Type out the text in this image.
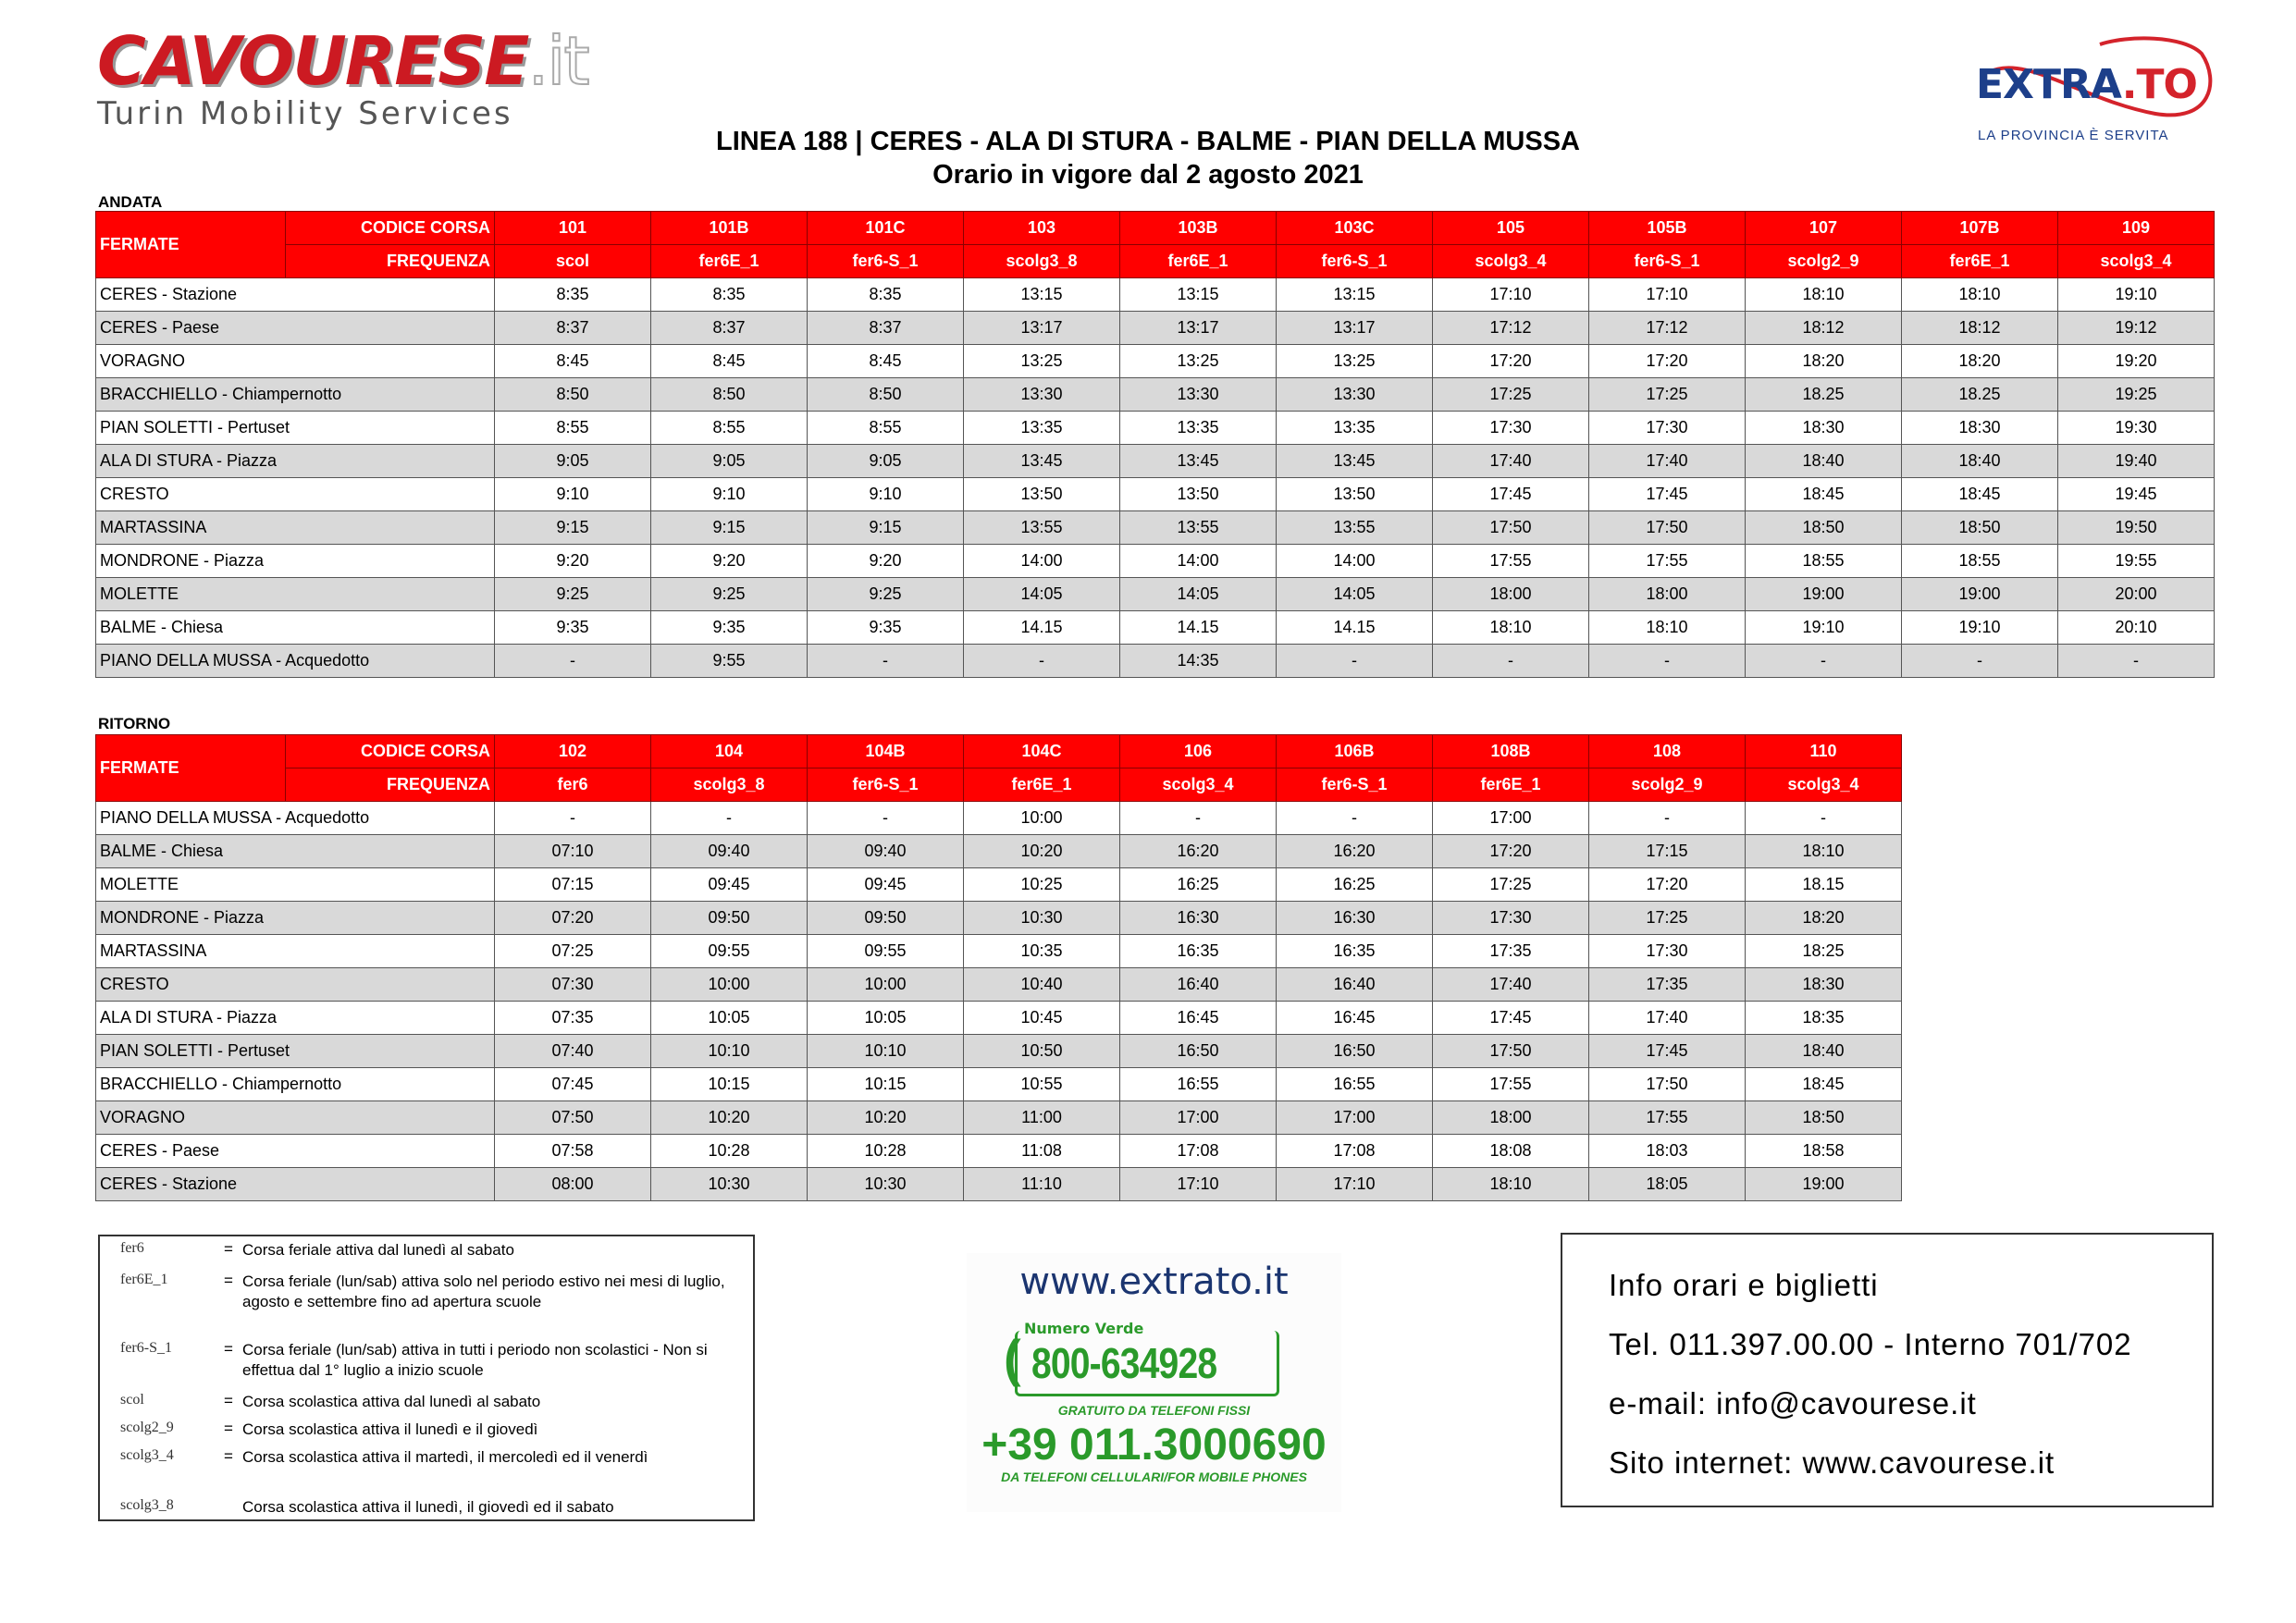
CAVOURESE.it
Turin Mobility Services
EXTRA.TO
LA PROVINCIA È SERVITA
LINEA 188 | CERES - ALA DI STURA - BALME - PIAN DELLA MUSSA
Orario in vigore dal 2 agosto 2021
ANDATA
FERMATE	CODICE CORSA	101	101B	101C	103	103B	103C	105	105B	107	107B	109
	FREQUENZA	scol	fer6E_1	fer6-S_1	scolg3_8	fer6E_1	fer6-S_1	scolg3_4	fer6-S_1	scolg2_9	fer6E_1	scolg3_4
CERES - Stazione		8:35	8:35	8:35	13:15	13:15	13:15	17:10	17:10	18:10	18:10	19:10
CERES - Paese		8:37	8:37	8:37	13:17	13:17	13:17	17:12	17:12	18:12	18:12	19:12
VORAGNO		8:45	8:45	8:45	13:25	13:25	13:25	17:20	17:20	18:20	18:20	19:20
BRACCHIELLO - Chiampernotto		8:50	8:50	8:50	13:30	13:30	13:30	17:25	17:25	18.25	18.25	19:25
PIAN SOLETTI - Pertuset		8:55	8:55	8:55	13:35	13:35	13:35	17:30	17:30	18:30	18:30	19:30
ALA DI STURA - Piazza		9:05	9:05	9:05	13:45	13:45	13:45	17:40	17:40	18:40	18:40	19:40
CRESTO		9:10	9:10	9:10	13:50	13:50	13:50	17:45	17:45	18:45	18:45	19:45
MARTASSINA		9:15	9:15	9:15	13:55	13:55	13:55	17:50	17:50	18:50	18:50	19:50
MONDRONE - Piazza		9:20	9:20	9:20	14:00	14:00	14:00	17:55	17:55	18:55	18:55	19:55
MOLETTE		9:25	9:25	9:25	14:05	14:05	14:05	18:00	18:00	19:00	19:00	20:00
BALME - Chiesa		9:35	9:35	9:35	14.15	14.15	14.15	18:10	18:10	19:10	19:10	20:10
PIANO DELLA MUSSA - Acquedotto		-	9:55	-	-	14:35	-	-	-	-	-	-
RITORNO
FERMATE	CODICE CORSA	102	104	104B	104C	106	106B	108B	108	110
	FREQUENZA	fer6	scolg3_8	fer6-S_1	fer6E_1	scolg3_4	fer6-S_1	fer6E_1	scolg2_9	scolg3_4
PIANO DELLA MUSSA - Acquedotto		-	-	-	10:00	-	-	17:00	-	-
BALME - Chiesa		07:10	09:40	09:40	10:20	16:20	16:20	17:20	17:15	18:10
MOLETTE		07:15	09:45	09:45	10:25	16:25	16:25	17:25	17:20	18.15
MONDRONE - Piazza		07:20	09:50	09:50	10:30	16:30	16:30	17:30	17:25	18:20
MARTASSINA		07:25	09:55	09:55	10:35	16:35	16:35	17:35	17:30	18:25
CRESTO		07:30	10:00	10:00	10:40	16:40	16:40	17:40	17:35	18:30
ALA DI STURA - Piazza		07:35	10:05	10:05	10:45	16:45	16:45	17:45	17:40	18:35
PIAN SOLETTI - Pertuset		07:40	10:10	10:10	10:50	16:50	16:50	17:50	17:45	18:40
BRACCHIELLO - Chiampernotto		07:45	10:15	10:15	10:55	16:55	16:55	17:55	17:50	18:45
VORAGNO		07:50	10:20	10:20	11:00	17:00	17:00	18:00	17:55	18:50
CERES - Paese		07:58	10:28	10:28	11:08	17:08	17:08	18:08	18:03	18:58
CERES - Stazione		08:00	10:30	10:30	11:10	17:10	17:10	18:10	18:05	19:00
fer6	= Corsa feriale attiva dal lunedì al sabato
fer6E_1	= Corsa feriale (lun/sab) attiva solo nel periodo estivo nei mesi di luglio, agosto e settembre fino ad apertura scuole
fer6-S_1	= Corsa feriale (lun/sab) attiva in tutti i periodo non scolastici - Non si effettua dal 1° luglio a inizio scuole
scol	= Corsa scolastica attiva dal lunedì al sabato
scolg2_9	= Corsa scolastica attiva il lunedì e il giovedì
scolg3_4	= Corsa scolastica attiva il martedì, il mercoledì ed il venerdì
scolg3_8	Corsa scolastica attiva il lunedì, il giovedì ed il sabato
www.extrato.it
(
Numero Verde
800-634928
GRATUITO DA TELEFONI FISSI
+39 011.3000690
DA TELEFONI CELLULARI/FOR MOBILE PHONES
Info orari e biglietti
Tel. 011.397.00.00 - Interno 701/702
e-mail: info@cavourese.it
Sito internet: www.cavourese.it
